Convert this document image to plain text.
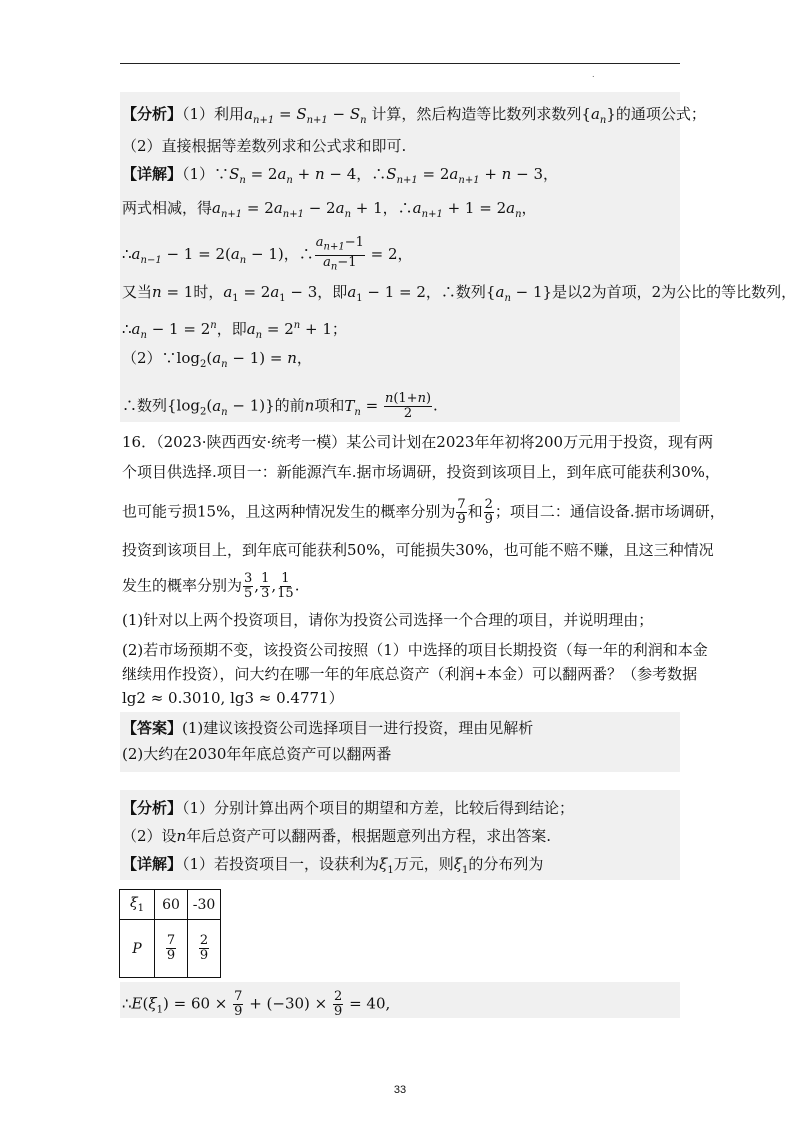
.
【分析】（1）利用$a_{n+1} = S_{n+1} - S_n$ 计算，然后构造等比数列求数列$\{a_n\}$的通项公式；
（2）直接根据等差数列求和公式求和即可.
【详解】$(1)\because S_n = 2a_n + n - 4$，$\therefore S_{n+1} = 2a_{n+1} + n - 3$，
两式相减，得$a_{n+1} = 2a_{n+1} - 2a_n + 1$，$\therefore a_{n+1} + 1 = 2a_n$，
$\therefore a_{n-1} - 1 = 2(a_n - 1)$，∴ $\frac{a_{n+1}-1}{a_n-1} = 2$，
又当n = 1时，$a_1 = 2a_1 - 3$，即$a_1 - 1 = 2$，∴数列$\{a_n - 1\}$是以2为首项，2为公比的等比数列，
$\therefore a_n - 1 = 2^n$，即$a_n = 2^n + 1$；
$(2)\because\log_2(a_n - 1) = n$，
∴数列$\{\log_2(a_n - 1)\}$的前n项和$T_n = \frac{n(1+n)}{2}$ .
16．（2023·陕西西安·统考一模）某公司计划在2023年年初将200万元用于投资，现有两
个项目供选择.项目一：新能源汽车.据市场调研，投资到该项目上，到年底可能获利30%，
也可能亏损15%，且这两种情况发生的概率分别为 $\frac{7}{9}$ 和 $\frac{2}{9}$ ；项目二：通信设备.据市场调研，
投资到该项目上，到年底可能获利50%，可能损失30%，也可能不赔不赚，且这三种情况
发生的概率分别为 $\frac{3}{5}$ , $\frac{1}{3}$ , $\frac{1}{15}$ .
(1)针对以上两个投资项目，请你为投资公司选择一个合理的项目，并说明理由；
(2)若市场预期不变，该投资公司按照（1）中选择的项目长期投资（每一年的利润和本金
继续用作投资），问大约在哪一年的年底总资产（利润+本金）可以翻两番？（参考数据
lg2 ≈ 0.3010, lg3 ≈ 0.4771）
【答案】(1)建议该投资公司选择项目一进行投资，理由见解析
(2)大约在2030年年底总资产可以翻两番
【分析】（1）分别计算出两个项目的期望和方差，比较后得到结论；
（2）设n年后总资产可以翻两番，根据题意列出方程，求出答案.
【详解】（1）若投资项目一，设获利为$\xi_1$万元，则$\xi_1$的分布列为
$\xi_1$	60	-30
P	$\frac{7}{9}$	$\frac{2}{9}$
$\therefore E(\xi_1) = 60 \times \frac{7}{9} + (-30) \times \frac{2}{9} = 40$,
33
